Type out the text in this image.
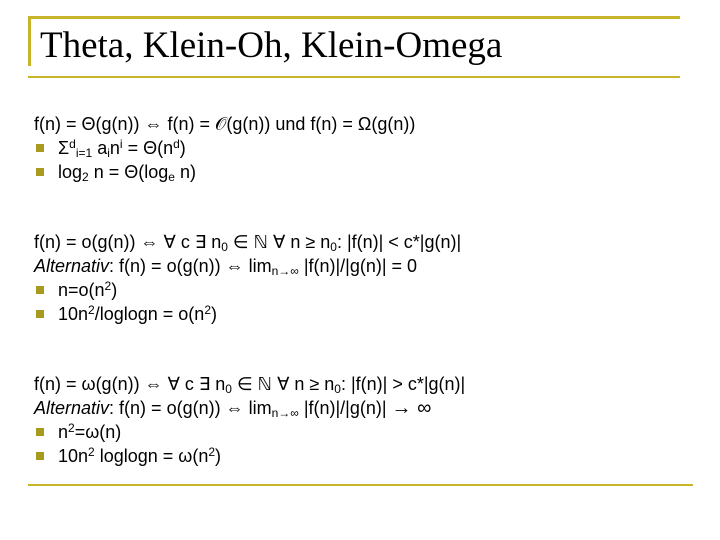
Theta, Klein-Oh, Klein-Omega
f(n) = Θ(g(n)) ⇔ f(n) = 𝒪(g(n)) und f(n) = Ω(g(n))
$\Sigma^d_{i=1}$ $a_in^i = \Theta(n^d)$
$\log_2 n = \Theta(\log_e$ n)
f(n) = o(g(n)) ⇔ ∀ c ∃ $n_0$ ∈ ℕ ∀ $n \ge n_0$: |f(n)| < c*|g(n)|
Alternativ: f(n) = o(g(n)) ⇔ $\lim_{n\to\infty} |f(n)|/|g(n)| = 0$
$n=o(n^2)$
$10n^2$/loglogn = $o(n^2)$
f(n) = ω(g(n)) ⇔ ∀ c ∃ $n_0$ ∈ ℕ ∀ $n \ge n_0$: |f(n)| > c*|g(n)|
Alternativ: f(n) = o(g(n)) ⇔ $\lim_{n\to\infty} |f(n)|/|g(n)|$ → ∞
$n^2=\omega(n)$
$10n^2$ $loglogn = \omega(n^2)$
